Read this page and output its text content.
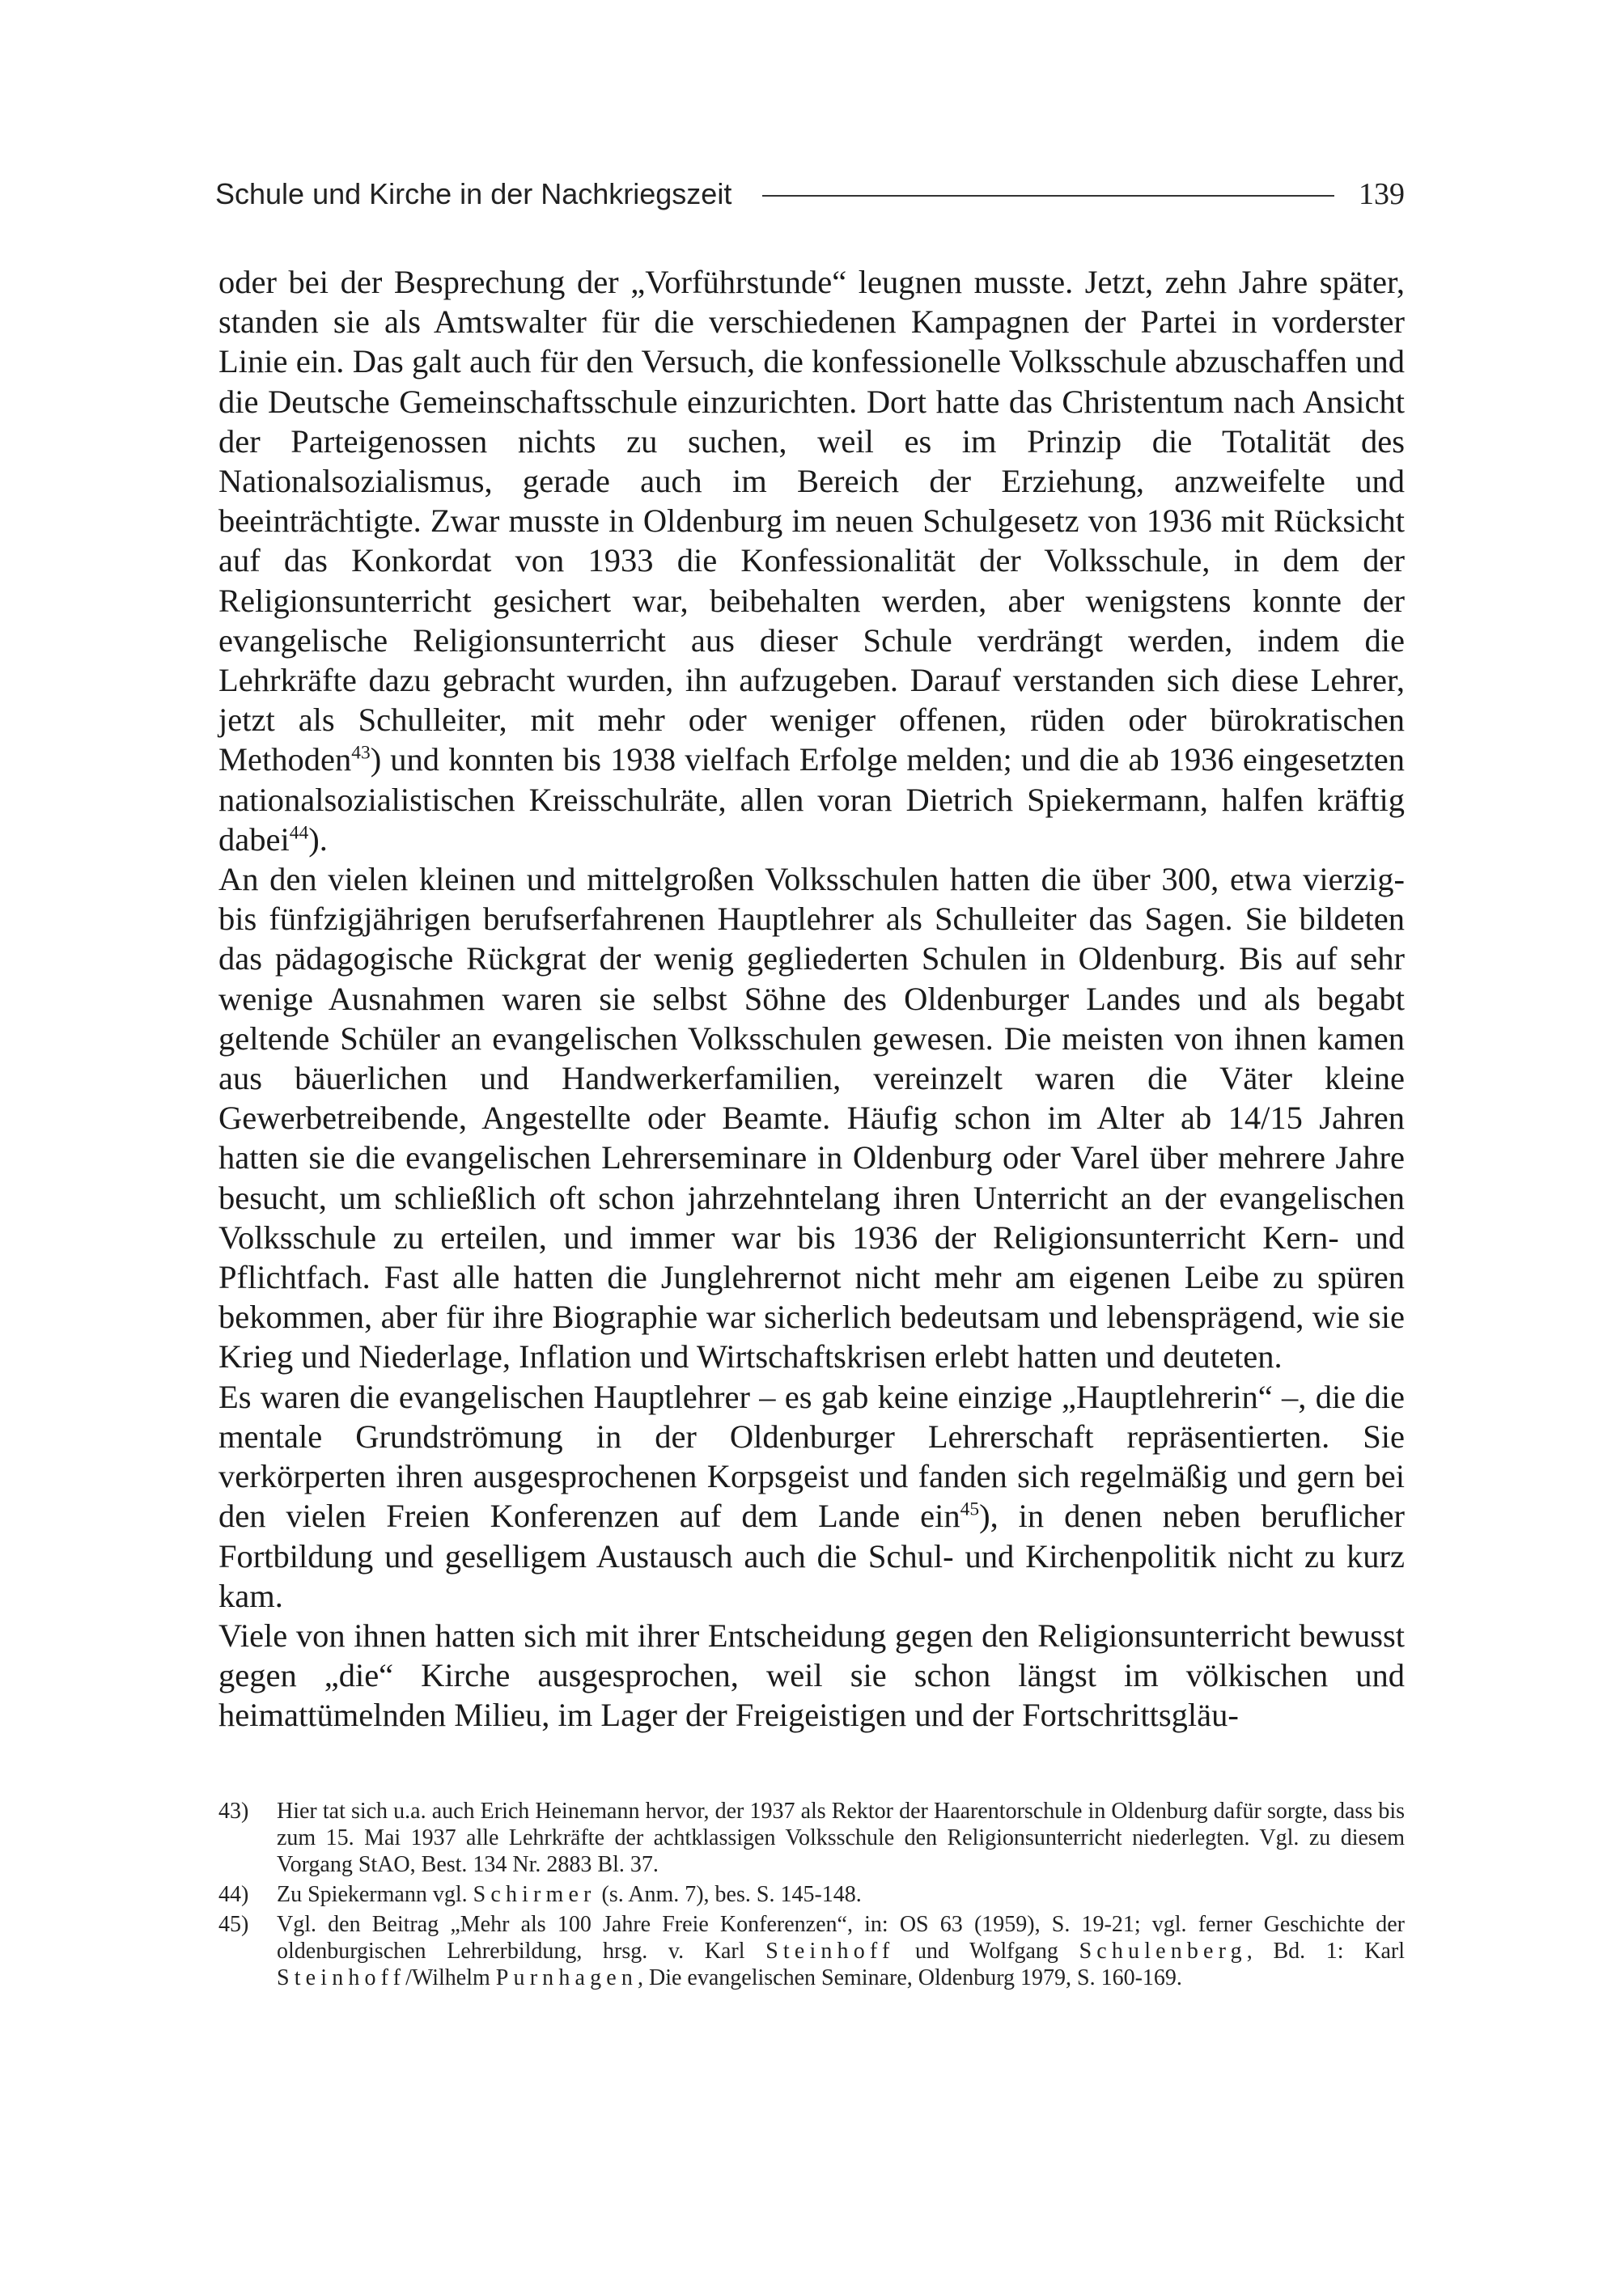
Schule und Kirche in der Nachkriegszeit	139

oder bei der Besprechung der „Vorführstunde“ leugnen musste. Jetzt, zehn Jahre später, standen sie als Amtswalter für die verschiedenen Kampagnen der Partei in vorderster Linie ein. Das galt auch für den Versuch, die konfessionelle Volksschule abzuschaffen und die Deutsche Gemeinschaftsschule einzurichten. Dort hatte das Christentum nach Ansicht der Parteigenossen nichts zu suchen, weil es im Prinzip die Totalität des Nationalsozialismus, gerade auch im Bereich der Erziehung, anzweifelte und beeinträchtigte. Zwar musste in Oldenburg im neuen Schulgesetz von 1936 mit Rücksicht auf das Konkordat von 1933 die Konfessionalität der Volksschule, in dem der Religionsunterricht gesichert war, beibehalten werden, aber wenigstens konnte der evangelische Religionsunterricht aus dieser Schule verdrängt werden, indem die Lehrkräfte dazu gebracht wurden, ihn aufzugeben. Darauf verstanden sich diese Lehrer, jetzt als Schulleiter, mit mehr oder weniger offenen, rüden oder bürokratischen Methoden$^{43}$) und konnten bis 1938 vielfach Erfolge melden; und die ab 1936 eingesetzten nationalsozialistischen Kreisschulräte, allen voran Dietrich Spiekermann, halfen kräftig dabei$^{44}$).

An den vielen kleinen und mittelgroßen Volksschulen hatten die über 300, etwa vierzig- bis fünfzigjährigen berufserfahrenen Hauptlehrer als Schulleiter das Sagen. Sie bildeten das pädagogische Rückgrat der wenig gegliederten Schulen in Oldenburg. Bis auf sehr wenige Ausnahmen waren sie selbst Söhne des Oldenburger Landes und als begabt geltende Schüler an evangelischen Volksschulen gewesen. Die meisten von ihnen kamen aus bäuerlichen und Handwerkerfamilien, vereinzelt waren die Väter kleine Gewerbetreibende, Angestellte oder Beamte. Häufig schon im Alter ab 14/15 Jahren hatten sie die evangelischen Lehrerseminare in Oldenburg oder Varel über mehrere Jahre besucht, um schließlich oft schon jahrzehntelang ihren Unterricht an der evangelischen Volksschule zu erteilen, und immer war bis 1936 der Religionsunterricht Kern- und Pflichtfach. Fast alle hatten die Junglehrernot nicht mehr am eigenen Leibe zu spüren bekommen, aber für ihre Biographie war sicherlich bedeutsam und lebensprägend, wie sie Krieg und Niederlage, Inflation und Wirtschaftskrisen erlebt hatten und deuteten.

Es waren die evangelischen Hauptlehrer – es gab keine einzige „Hauptlehrerin“ –, die die mentale Grundströmung in der Oldenburger Lehrerschaft repräsentierten. Sie verkörperten ihren ausgesprochenen Korpsgeist und fanden sich regelmäßig und gern bei den vielen Freien Konferenzen auf dem Lande ein$^{45}$), in denen neben beruflicher Fortbildung und geselligem Austausch auch die Schul- und Kirchenpolitik nicht zu kurz kam.

Viele von ihnen hatten sich mit ihrer Entscheidung gegen den Religionsunterricht bewusst gegen „die“ Kirche ausgesprochen, weil sie schon längst im völkischen und heimattümelnden Milieu, im Lager der Freigeistigen und der Fortschrittsgläu-

43)	Hier tat sich u.a. auch Erich Heinemann hervor, der 1937 als Rektor der Haarentorschule in Oldenburg dafür sorgte, dass bis zum 15. Mai 1937 alle Lehrkräfte der achtklassigen Volksschule den Religionsunterricht niederlegten. Vgl. zu diesem Vorgang StAO, Best. 134 Nr. 2883 Bl. 37.
44)	Zu Spiekermann vgl. Schirmer (s. Anm. 7), bes. S. 145-148.
45)	Vgl. den Beitrag „Mehr als 100 Jahre Freie Konferenzen“, in: OS 63 (1959), S. 19-21; vgl. ferner Geschichte der oldenburgischen Lehrerbildung, hrsg. v. Karl Steinhoff und Wolfgang Schulenberg, Bd. 1: Karl Steinhoff/Wilhelm Purnhagen, Die evangelischen Seminare, Oldenburg 1979, S. 160-169.
